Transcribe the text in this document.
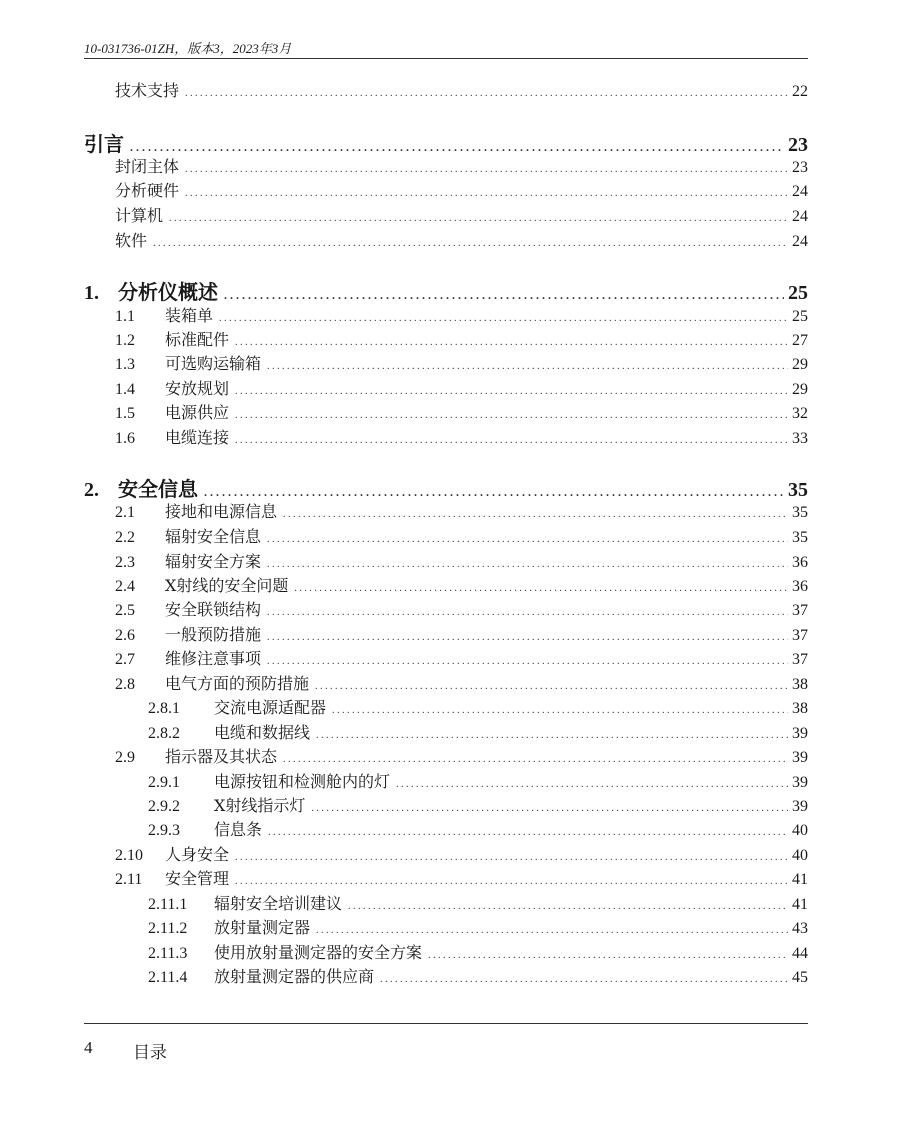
10-031736-01ZH，版本3，2023年3月
技术支持 . . .	22
引言 . . .	23
封闭主体 . . .	23
分析硬件 . . .	24
计算机 . . .	24
软件 . . .	24
1. 分析仪概述 . . .	25
1.1	装箱单 . . .	25
1.2	标准配件 . . .	27
1.3	可选购运输箱 . . .	29
1.4	安放规划 . . .	29
1.5	电源供应 . . .	32
1.6	电缆连接 . . .	33
2. 安全信息 . . .	35
2.1	接地和电源信息 . . .	35
2.2	辐射安全信息 . . .	35
2.3	辐射安全方案 . . .	36
2.4	X射线的安全问题 . . .	36
2.5	安全联锁结构 . . .	37
2.6	一般预防措施 . . .	37
2.7	维修注意事项 . . .	37
2.8	电气方面的预防措施 . . .	38
2.8.1	交流电源适配器 . . .	38
2.8.2	电缆和数据线 . . .	39
2.9	指示器及其状态 . . .	39
2.9.1	电源按钮和检测舱内的灯 . . .	39
2.9.2	X射线指示灯 . . .	39
2.9.3	信息条 . . .	40
2.10	人身安全 . . .	40
2.11	安全管理 . . .	41
2.11.1	辐射安全培训建议 . . .	41
2.11.2	放射量测定器 . . .	43
2.11.3	使用放射量测定器的安全方案 . . .	44
2.11.4	放射量测定器的供应商 . . .	45
4 目录
